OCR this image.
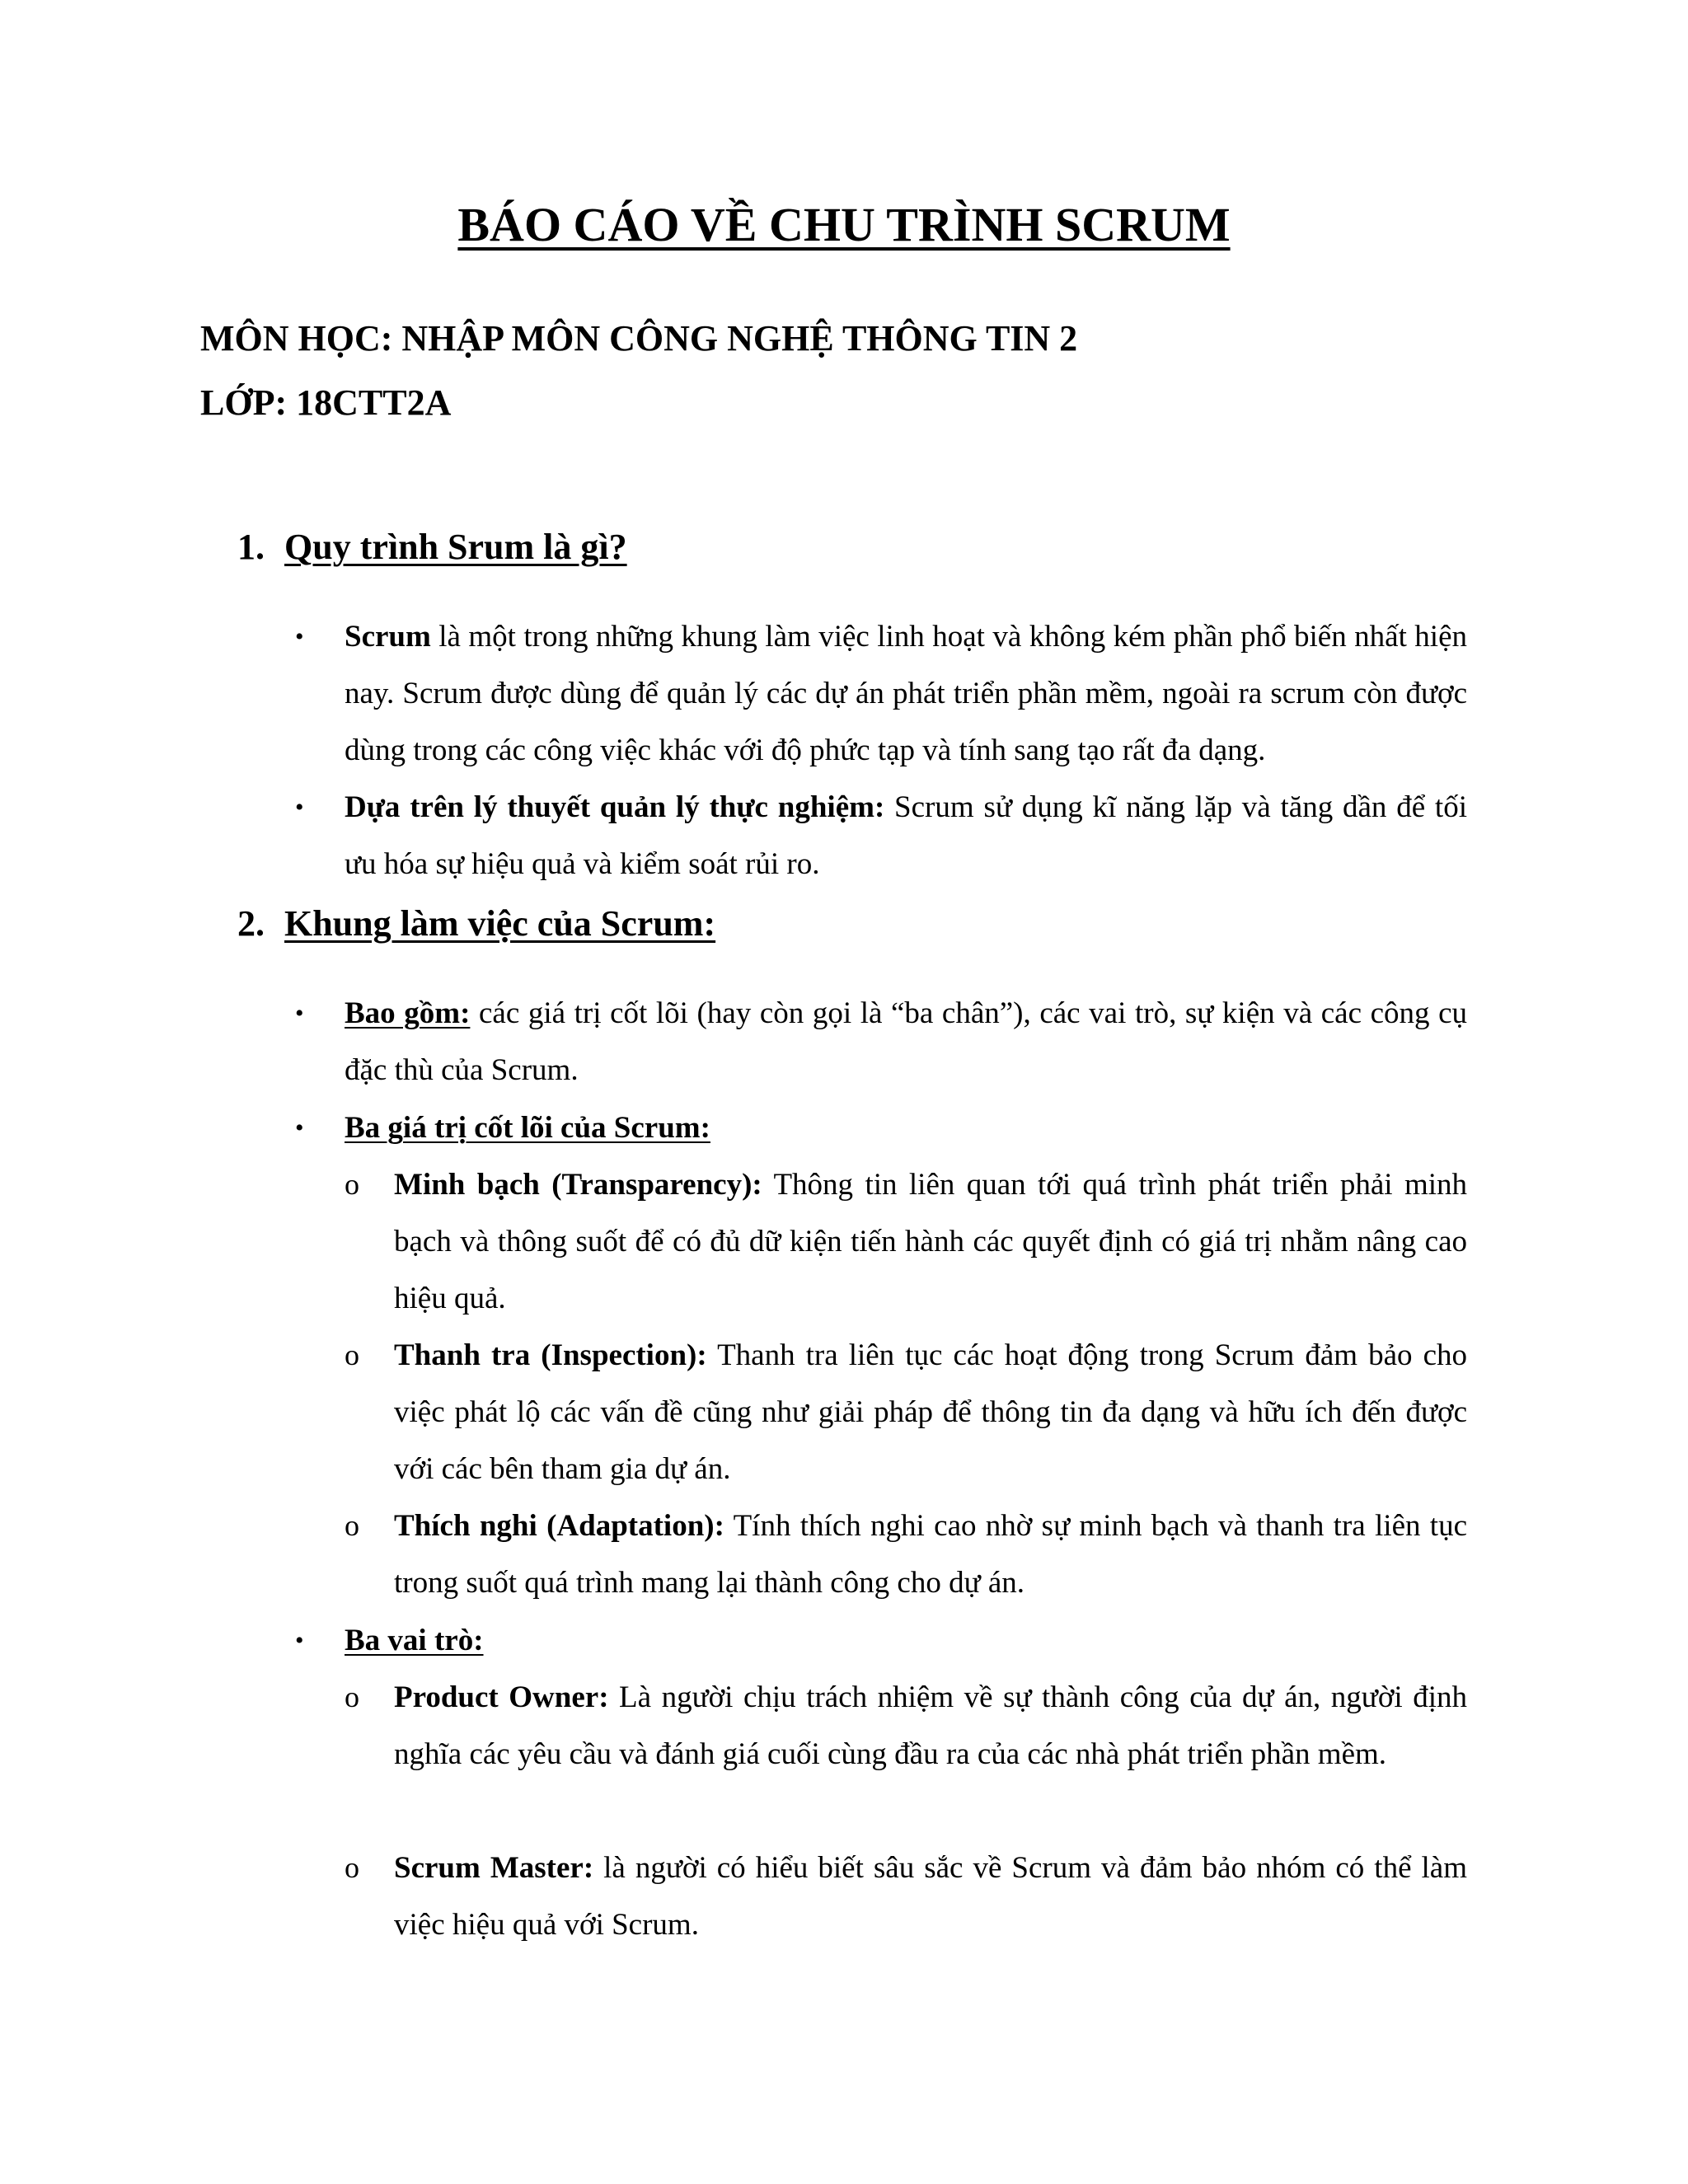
BÁO CÁO VỀ CHU TRÌNH SCRUM
MÔN HỌC: NHẬP MÔN CÔNG NGHỆ THÔNG TIN 2
LỚP: 18CTT2A
1. Quy trình Srum là gì?
•	Scrum là một trong những khung làm việc linh hoạt và không kém phần phổ biến nhất hiện nay. Scrum được dùng để quản lý các dự án phát triển phần mềm, ngoài ra scrum còn được dùng trong các công việc khác với độ phức tạp và tính sang tạo rất đa dạng.
•	Dựa trên lý thuyết quản lý thực nghiệm: Scrum sử dụng kĩ năng lặp và tăng dần để tối ưu hóa sự hiệu quả và kiểm soát rủi ro.
2. Khung làm việc của Scrum:
•	Bao gồm: các giá trị cốt lõi (hay còn gọi là “ba chân”), các vai trò, sự kiện và các công cụ đặc thù của Scrum.
•	Ba giá trị cốt lõi của Scrum:
o	Minh bạch (Transparency): Thông tin liên quan tới quá trình phát triển phải minh bạch và thông suốt để có đủ dữ kiện tiến hành các quyết định có giá trị nhằm nâng cao hiệu quả.
o	Thanh tra (Inspection): Thanh tra liên tục các hoạt động trong Scrum đảm bảo cho việc phát lộ các vấn đề cũng như giải pháp để thông tin đa dạng và hữu ích đến được với các bên tham gia dự án.
o	Thích nghi (Adaptation): Tính thích nghi cao nhờ sự minh bạch và thanh tra liên tục trong suốt quá trình mang lại thành công cho dự án.
•	Ba vai trò:
o	Product Owner: Là người chịu trách nhiệm về sự thành công của dự án, người định nghĩa các yêu cầu và đánh giá cuối cùng đầu ra của các nhà phát triển phần mềm.
o	Scrum Master: là người có hiểu biết sâu sắc về Scrum và đảm bảo nhóm có thể làm việc hiệu quả với Scrum.
